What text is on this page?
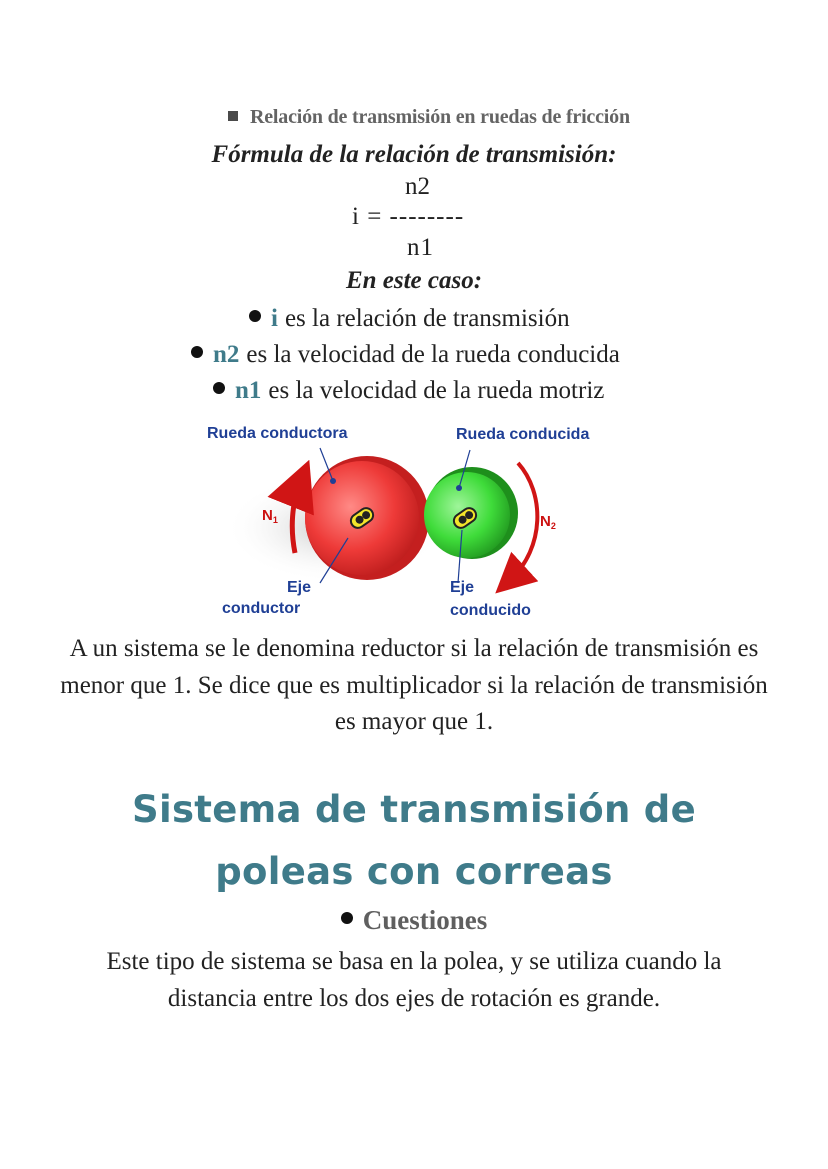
Relación de transmisión en ruedas de fricción
Fórmula de la relación de transmisión:
n2
i = --------
n1
En este caso:
i es la relación de transmisión
n2 es la velocidad de la rueda conducida
n1 es la velocidad de la rueda motriz
Rueda conductora	Rueda conducida
$N_1$	$N_2$
Eje
conductor
Eje
conducido
A un sistema se le denomina reductor si la relación de transmisión es menor que 1. Se dice que es multiplicador si la relación de transmisión es mayor que 1.
Sistema de transmisión de
poleas con correas
Cuestiones
Este tipo de sistema se basa en la polea, y se utiliza cuando la distancia entre los dos ejes de rotación es grande.
